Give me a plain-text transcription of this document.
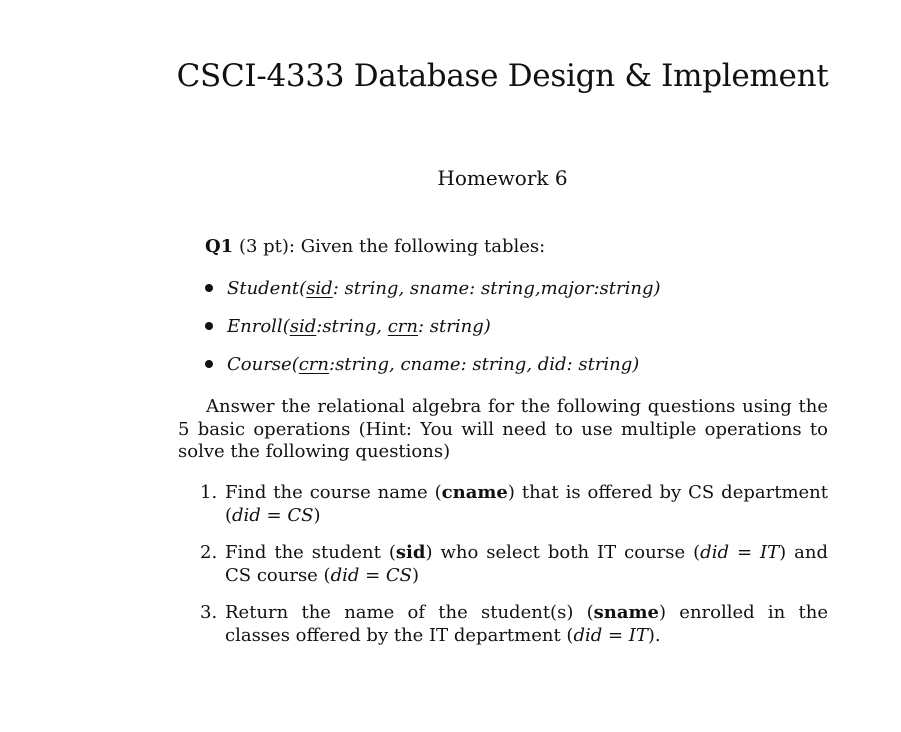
CSCI-4333 Database Design & Implement
Homework 6
Q1 (3 pt): Given the following tables:
Student(sid: string, sname: string,major:string)
Enroll(sid:string, crn: string)
Course(crn:string, cname: string, did: string)
Answer the relational algebra for the following questions using the 5 basic operations (Hint: You will need to use multiple operations to solve the following questions)
1. Find the course name (cname) that is offered by CS department (did = CS)
2. Find the student (sid) who select both IT course (did = IT) and CS course (did = CS)
3. Return the name of the student(s) (sname) enrolled in the classes offered by the IT department (did = IT).
